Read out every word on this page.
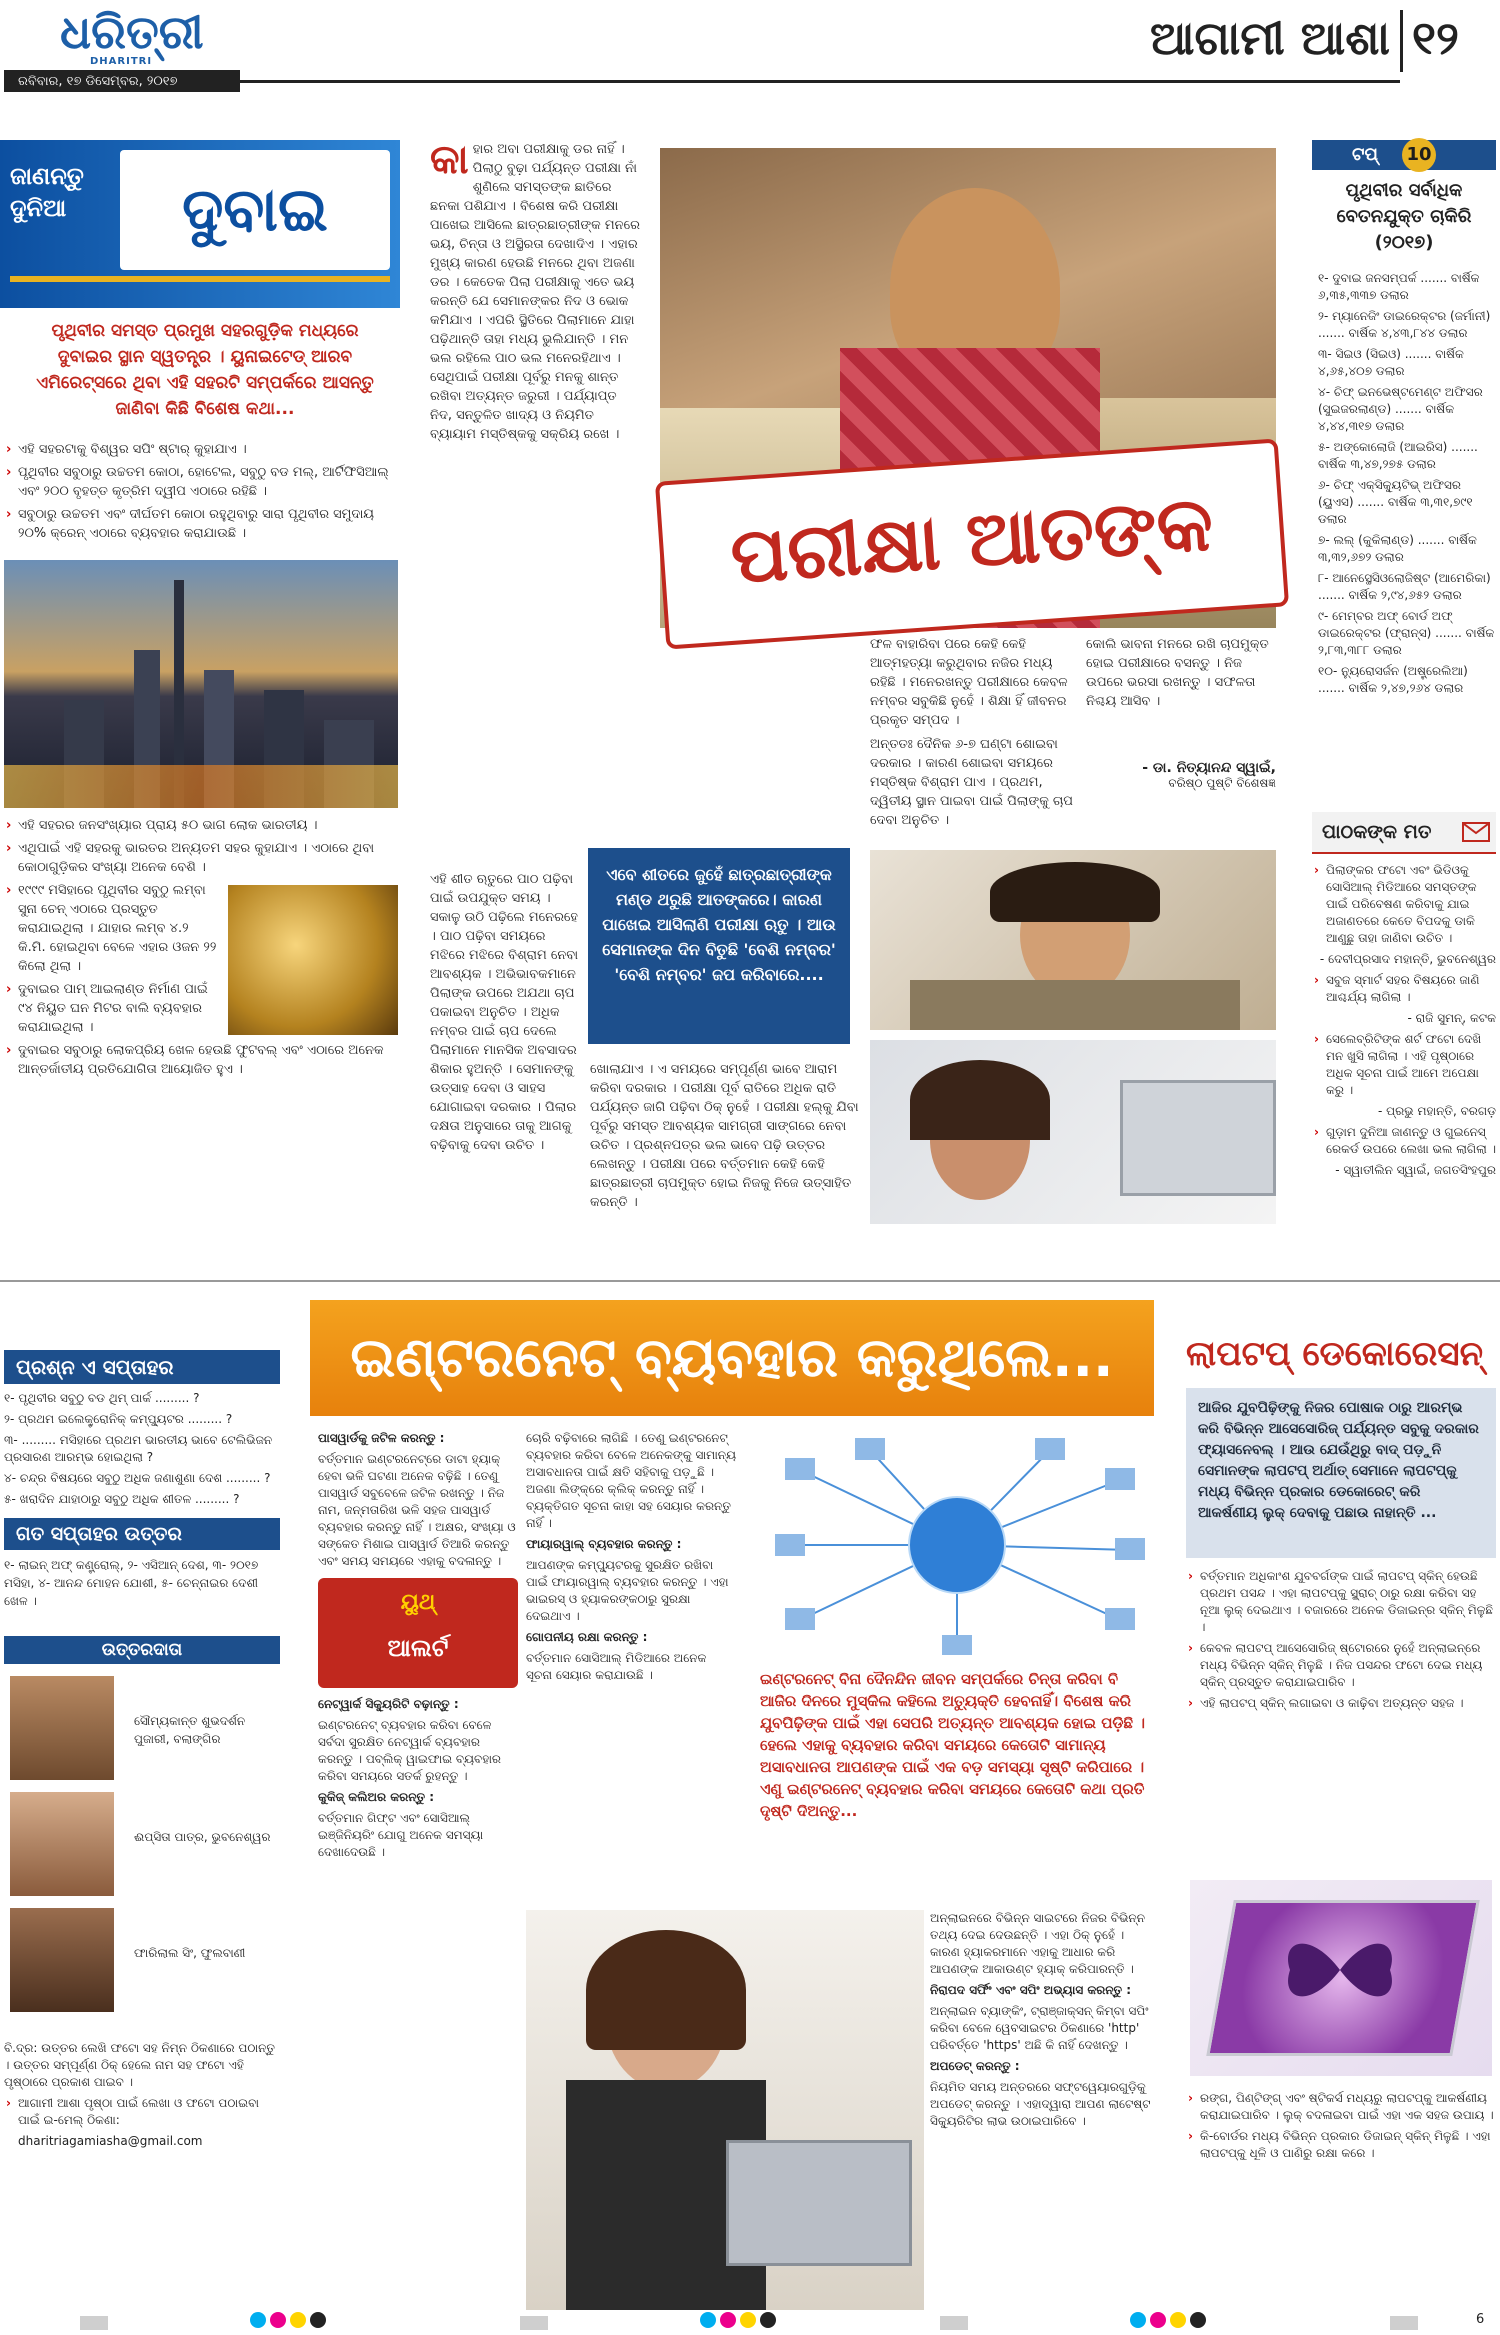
ଧରିତ୍ରୀ
DHARITRI
ରବିବାର, ୧୭ ଡିସେମ୍ବର, ୨୦୧୭
ଆଗାମୀ ଆଶା ୧୨
ଜାଣନ୍ତୁ ଦୁନିଆ	ଦୁବାଇ
ପୃଥିବୀର ସମସ୍ତ ପ୍ରମୁଖ ସହରଗୁଡ଼ିକ ମଧ୍ୟରେ ଦୁବାଇର ସ୍ଥାନ ସ୍ୱତନ୍ତ୍ର । ୟୁନାଇଟେଡ୍ ଆରବ ଏମିରେଟ୍ସରେ ଥିବା ଏହି ସହରଟି ସମ୍ପର୍କରେ ଆସନ୍ତୁ ଜାଣିବା କିଛି ବିଶେଷ କଥା...

› ଏହି ସହରଟାକୁ ବିଶ୍ୱର ସପିଂ ଷ୍ଟାର୍ କୁହାଯାଏ ।

› ପୃଥିବୀର ସବୁଠାରୁ ଉଚ୍ଚତମ କୋଠା, ହୋଟେଲ, ସବୁଠୁ ବଡ ମଲ୍, ଆର୍ଟିଫିସିଆଲ୍ ଏବଂ ୨୦୦ ବୃହତ୍ତ କୃତ୍ରିମ ଦ୍ୱୀପ ଏଠାରେ ରହିଛି ।

› ସବୁଠାରୁ ଉଚ୍ଚତମ ଏବଂ ଦୀର୍ଘତମ କୋଠା ରହୁଥିବାରୁ ସାରା ପୃଥିବୀର ସମୁଦାୟ ୨୦% କ୍ରେନ୍ ଏଠାରେ ବ୍ୟବହାର କରାଯାଉଛି ।

› ଏହି ସହରର ଜନସଂଖ୍ୟାର ପ୍ରାୟ ୫୦ ଭାଗ ଲୋକ ଭାରତୀୟ ।

› ଏଥିପାଇଁ ଏହି ସହରକୁ ଭାରତର ଅନ୍ୟତମ ସହର କୁହାଯାଏ । ଏଠାରେ ଥିବା କୋଠାଗୁଡ଼ିକର ସଂଖ୍ୟା ଅନେକ ବେଶି ।

› ୧୯୯୯ ମସିହାରେ ପୃଥିବୀର ସବୁଠୁ ଲମ୍ବା ସୁନା ଚେନ୍ ଏଠାରେ ପ୍ରସ୍ତୁତ କରାଯାଇଥିଲା । ଯାହାର ଲମ୍ବ ୪.୨ କି.ମି. ହୋଇଥିବା ବେଳେ ଏହାର ଓଜନ ୨୨ କିଲୋ ଥିଲା ।

› ଦୁବାଇର ପାମ୍ ଆଇଲାଣ୍ଡ ନିର୍ମାଣ ପାଇଁ ୯୪ ନିୟୁତ ଘନ ମିଟର ବାଲି ବ୍ୟବହାର କରାଯାଇଥିଲା ।

› ଦୁବାଇର ସବୁଠାରୁ ଲୋକପ୍ରିୟ ଖେଳ ହେଉଛି ଫୁଟବଲ୍ ଏବଂ ଏଠାରେ ଅନେକ ଆନ୍ତର୍ଜାତୀୟ ପ୍ରତିଯୋଗିତା ଆୟୋଜିତ ହୁଏ ।

କା ହାର ଅବା ପରୀକ୍ଷାକୁ ଡର ନାହିଁ । ପିଲାଠୁ ବୁଢ଼ା ପର୍ଯ୍ୟନ୍ତ ପରୀକ୍ଷା ନାଁ ଶୁଣିଲେ ସମସ୍ତଙ୍କ ଛାତିରେ ଛନକା ପଶିଯାଏ । ବିଶେଷ କରି ପରୀକ୍ଷା ପାଖେଇ ଆସିଲେ ଛାତ୍ରଛାତ୍ରୀଙ୍କ ମନରେ ଭୟ, ଚିନ୍ତା ଓ ଅସ୍ଥିରତା ଦେଖାଦିଏ । ଏହାର ମୁଖ୍ୟ କାରଣ ହେଉଛି ମନରେ ଥିବା ଅଜଣା ଡର । କେତେକ ପିଲା ପରୀକ୍ଷାକୁ ଏତେ ଭୟ କରନ୍ତି ଯେ ସେମାନଙ୍କର ନିଦ ଓ ଭୋକ କମିଯାଏ । ଏପରି ସ୍ଥିତିରେ ପିଲାମାନେ ଯାହା ପଢ଼ିଥାନ୍ତି ତାହା ମଧ୍ୟ ଭୁଲିଯାନ୍ତି । ମନ ଭଲ ରହିଲେ ପାଠ ଭଲ ମନେରହିଥାଏ । ସେଥିପାଇଁ ପରୀକ୍ଷା ପୂର୍ବରୁ ମନକୁ ଶାନ୍ତ ରଖିବା ଅତ୍ୟନ୍ତ ଜରୁରୀ । ପର୍ଯ୍ୟାପ୍ତ ନିଦ, ସନ୍ତୁଳିତ ଖାଦ୍ୟ ଓ ନିୟମିତ ବ୍ୟାୟାମ ମସ୍ତିଷ୍କକୁ ସକ୍ରିୟ ରଖେ ।
ପରୀକ୍ଷା ଆତଙ୍କ
ଫଳ ବାହାରିବା ପରେ କେହି କେହି ଆତ୍ମହତ୍ୟା କରୁଥିବାର ନଜିର ମଧ୍ୟ ରହିଛି । ମନେରଖନ୍ତୁ ପରୀକ୍ଷାରେ କେବଳ ନମ୍ବର ସବୁକିଛି ନୁହେଁ । ଶିକ୍ଷା ହିଁ ଜୀବନର ପ୍ରକୃତ ସମ୍ପଦ ।
କୋଲି ଭାବନା ମନରେ ରଖି ଚାପମୁକ୍ତ ହୋଇ ପରୀକ୍ଷାରେ ବସନ୍ତୁ । ନିଜ ଉପରେ ଭରସା ରଖନ୍ତୁ । ସଫଳତା ନିଶ୍ଚୟ ଆସିବ ।
ଅନ୍ତତଃ ଦୈନିକ ୬-୭ ଘଣ୍ଟା ଶୋଇବା ଦରକାର । କାରଣ ଶୋଇବା ସମୟରେ ମସ୍ତିଷ୍କ ବିଶ୍ରାମ ପାଏ । ପ୍ରଥମ, ଦ୍ୱିତୀୟ ସ୍ଥାନ ପାଇବା ପାଇଁ ପିଲାଙ୍କୁ ଚାପ ଦେବା ଅନୁଚିତ ।
- ଡା. ନିତ୍ୟାନନ୍ଦ ସ୍ୱାଇଁ,
ବରିଷ୍ଠ ପୁଷ୍ଟି ବିଶେଷଜ୍ଞ
ଏହି ଶୀତ ଋତୁରେ ପାଠ ପଢ଼ିବା ପାଇଁ ଉପଯୁକ୍ତ ସମୟ । ସକାଳୁ ଉଠି ପଢ଼ିଲେ ମନେରହେ । ପାଠ ପଢ଼ିବା ସମୟରେ ମଝିରେ ମଝିରେ ବିଶ୍ରାମ ନେବା ଆବଶ୍ୟକ । ଅଭିଭାବକମାନେ ପିଲାଙ୍କ ଉପରେ ଅଯଥା ଚାପ ପକାଇବା ଅନୁଚିତ । ଅଧିକ ନମ୍ବର ପାଇଁ ଚାପ ଦେଲେ ପିଲାମାନେ ମାନସିକ ଅବସାଦର ଶିକାର ହୁଅନ୍ତି । ସେମାନଙ୍କୁ ଉତ୍ସାହ ଦେବା ଓ ସାହସ ଯୋଗାଇବା ଦରକାର । ପିଲାର ଦକ୍ଷତା ଅନୁସାରେ ତାକୁ ଆଗକୁ ବଢ଼ିବାକୁ ଦେବା ଉଚିତ ।
ଏବେ ଶୀତରେ ଜୁହେଁ ଛାତ୍ରଛାତ୍ରୀଙ୍କ ମଣ୍ଡ ଥରୁଛି ଆତଙ୍କରେ। କାରଣ ପାଖେଇ ଆସିଲାଣି ପରୀକ୍ଷା ଋତୁ । ଆଉ ସେମାନଙ୍କ ଦିନ ବିତୁଛି 'ବେଶି ନମ୍ବର' 'ବେଶି ନମ୍ବର' ଜପ କରିବାରେ....
ଖୋଲାଯାଏ । ଏ ସମୟରେ ସମ୍ପୂର୍ଣ୍ଣ ଭାବେ ଆରାମ କରିବା ଦରକାର । ପରୀକ୍ଷା ପୂର୍ବ ରାତିରେ ଅଧିକ ରାତି ପର୍ଯ୍ୟନ୍ତ ଜାଗି ପଢ଼ିବା ଠିକ୍ ନୁହେଁ । ପରୀକ୍ଷା ହଲ୍‌କୁ ଯିବା ପୂର୍ବରୁ ସମସ୍ତ ଆବଶ୍ୟକ ସାମଗ୍ରୀ ସାଙ୍ଗରେ ନେବା ଉଚିତ । ପ୍ରଶ୍ନପତ୍ର ଭଲ ଭାବେ ପଢ଼ି ଉତ୍ତର ଲେଖନ୍ତୁ । ପରୀକ୍ଷା ପରେ ବର୍ତ୍ତମାନ କେହି କେହି ଛାତ୍ରଛାତ୍ରୀ ଚାପମୁକ୍ତ ହୋଇ ନିଜକୁ ନିଜେ ଉତ୍ସାହିତ କରନ୍ତି ।
ଟପ୍ 10
ପୃଥିବୀର ସର୍ବାଧିକ ବେତନଯୁକ୍ତ ଚାକିରି (୨୦୧୭)

୧- ଦୁବାଇ ଜନସମ୍ପର୍କ ....... ବାର୍ଷିକ ୬,୩୫,୩୩୭ ଡଲାର

୨- ମ୍ୟାନେଜିଂ ଡାଇରେକ୍ଟର (ଜର୍ମାନୀ) ....... ବାର୍ଷିକ ୪,୪୩,୮୪୪ ଡଲାର

୩- ସିଇଓ (ସିଇଓ) ....... ବାର୍ଷିକ ୪,୬୫,୪୦୭ ଡଲାର

୪- ଚିଫ୍ ଇନଭେଷ୍ଟମେଣ୍ଟ ଅଫିସର (ସୁଇଜରଲାଣ୍ଡ) ....... ବାର୍ଷିକ ୪,୪୪,୩୧୭ ଡଲାର

୫- ଅଙ୍କୋଲୋଜି (ଆଇରିସ) ....... ବାର୍ଷିକ ୩,୪୭,୨୭୫ ଡଲାର

୬- ଚିଫ୍ ଏକ୍ସିକ୍ୟୁଟିଭ୍ ଅଫିସର (ୟୁଏସ) ....... ବାର୍ଷିକ ୩,୩୧,୭୯୧ ଡଲାର

୭- ଲଲ୍ (କୁକିଲାଣ୍ଡ) ....... ବାର୍ଷିକ ୩,୩୨,୬୭୨ ଡଲାର

୮- ଆନେସ୍ଥେସିଓଲୋଜିଷ୍ଟ (ଆମେରିକା) ....... ବାର୍ଷିକ ୨,୯୪,୬୫୨ ଡଲାର

୯- ମେମ୍ବର ଅଫ୍ ବୋର୍ଡ ଅଫ୍ ଡାଇରେକ୍ଟର (ଫ୍ରାନ୍ସ) ....... ବାର୍ଷିକ ୨,୮୩,୩୮୮ ଡଲାର

୧୦- ନ୍ୟୁରୋସର୍ଜନ (ଅଷ୍ଟ୍ରେଲିଆ) ....... ବାର୍ଷିକ ୨,୪୭,୨୬୪ ଡଲାର

ପାଠକଙ୍କ ମତ

› ପିଲାଙ୍କର ଫଟୋ ଏବଂ ଭିଡିଓକୁ ସୋସିଆଲ୍ ମିଡିଆରେ ସମସ୍ତଙ୍କ ପାଇଁ ପରିବେଷଣ କରିବାକୁ ଯାଇ ଅଜାଣତରେ କେତେ ବିପଦକୁ ଡାକି ଆଣୁଛୁ ତାହା ଜାଣିବା ଉଚିତ ।

- ଦେବୀପ୍ରସାଦ ମହାନ୍ତି, ଭୁବନେଶ୍ୱର

› ସବୁଜ ସ୍ମାର୍ଟ ସହର ବିଷୟରେ ଜାଣି ଆଶ୍ଚର୍ଯ୍ୟ ଲାଗିଲା ।

- ରାଜି ସୁମନ୍, କଟକ

› ସେଲେବ୍ରିଟିଙ୍କ ଶର୍ଟ ଫଟୋ ଦେଖି ମନ ଖୁସି ଲାଗିଲା । ଏହି ପୃଷ୍ଠାରେ ଅଧିକ ସୂଚନା ପାଇଁ ଆମେ ଅପେକ୍ଷା କରୁ ।

- ପ୍ରଭୁ ମହାନ୍ତି, ବରଗଡ଼

› ଗୁଡ଼ାମ ଦୁନିଆ ଜାଣନ୍ତୁ ଓ ଗୁଇନେସ୍ ରେକର୍ଡ ଉପରେ ଲେଖା ଭଲ ଲାଗିଲା ।

- ସ୍ୱାତୀଲିନ ସ୍ୱାଇଁ, ଜଗତସିଂହପୁର

ପ୍ରଶ୍ନ ଏ ସପ୍ତାହର

୧- ପୃଥିବୀର ସବୁଠୁ ବଡ ଥିମ୍ ପାର୍କ ......... ?

୨- ପ୍ରଥମ ଇଲେକ୍ଟ୍ରୋନିକ୍ କମ୍ପ୍ୟୁଟର ......... ?

୩- ......... ମସିହାରେ ପ୍ରଥମ ଭାରତୀୟ ଭାବେ ଟେଲିଭିଜନ ପ୍ରସାରଣ ଆରମ୍ଭ ହୋଇଥିଲା ?

୪- ଚନ୍ଦ୍ର ବିଷୟରେ ସବୁଠୁ ଅଧିକ ଜଣାଶୁଣା ଦେଶ ......... ?

୫- ଖରାଦିନ ଯାହାଠାରୁ ସବୁଠୁ ଅଧିକ ଶୀତଳ ......... ?

ଗତ ସପ୍ତାହର ଉତ୍ତର
୧- ଲାଇନ୍ ଅଫ୍ କଣ୍ଟ୍ରୋଲ୍, ୨- ଏସିଆନ୍ ଦେଶ, ୩- ୨୦୧୭ ମସିହା, ୪- ଆନନ୍ଦ ମୋହନ ଯୋଶୀ, ୫- ଚେନ୍ନାଇର ଦେଶୀ ଖେଳ ।
ଉତ୍ତରଦାତା
ସୌମ୍ୟକାନ୍ତ ଶୁଭଦର୍ଶନ ପୁଜାରୀ, ବଲାଙ୍ଗିର
ଈପ୍ସିତା ପାତ୍ର, ଭୁବନେଶ୍ୱର
ଫାରିଲାଲ ସିଂ, ଫୁଲବାଣୀ

ବି.ଦ୍ର: ଉତ୍ତର ଲେଖି ଫଟୋ ସହ ନିମ୍ନ ଠିକଣାରେ ପଠାନ୍ତୁ । ଉତ୍ତର ସମ୍ପୂର୍ଣ୍ଣ ଠିକ୍ ହେଲେ ନାମ ସହ ଫଟୋ ଏହି ପୃଷ୍ଠାରେ ପ୍ରକାଶ ପାଇବ ।

› ଆଗାମୀ ଆଶା ପୃଷ୍ଠା ପାଇଁ ଲେଖା ଓ ଫଟୋ ପଠାଇବା ପାଇଁ ଇ-ମେଲ୍ ଠିକଣା:

dharitriagamiasha@gmail.com

ଇଣ୍ଟରନେଟ୍ ବ୍ୟବହାର କରୁଥିଲେ...

ପାସୱାର୍ଡକୁ ଜଟିଳ କରନ୍ତୁ :

ବର୍ତ୍ତମାନ ଇଣ୍ଟରନେଟ୍‌ରେ ଡାଟା ହ୍ୟାକ୍ ହେବା ଭଳି ଘଟଣା ଅନେକ ବଢ଼ିଛି । ତେଣୁ ପାସୱାର୍ଡ ସବୁବେଳେ ଜଟିଳ ରଖନ୍ତୁ । ନିଜ ନାମ, ଜନ୍ମତାରିଖ ଭଳି ସହଜ ପାସୱାର୍ଡ ବ୍ୟବହାର କରନ୍ତୁ ନାହିଁ । ଅକ୍ଷର, ସଂଖ୍ୟା ଓ ସଙ୍କେତ ମିଶାଇ ପାସୱାର୍ଡ ତିଆରି କରନ୍ତୁ ଏବଂ ସମୟ ସମୟରେ ଏହାକୁ ବଦଳାନ୍ତୁ ।

ୟୁଥ୍
ଆଲର୍ଟ

ନେଟ୍‌ୱାର୍କ ସିକ୍ୟୁରିଟି ବଢ଼ାନ୍ତୁ :

ଇଣ୍ଟରନେଟ୍ ବ୍ୟବହାର କରିବା ବେଳେ ସର୍ବଦା ସୁରକ୍ଷିତ ନେଟ୍‌ୱାର୍କ ବ୍ୟବହାର କରନ୍ତୁ । ପବ୍ଲିକ୍ ୱାଇଫାଇ ବ୍ୟବହାର କରିବା ସମୟରେ ସତର୍କ ରୁହନ୍ତୁ ।

କୁକିଜ୍ କଲିଅର କରନ୍ତୁ :

ବର୍ତ୍ତମାନ ଗିଫ୍ଟ ଏବଂ ସୋସିଆଲ୍ ଇଞ୍ଜିନିୟରିଂ ଯୋଗୁ ଅନେକ ସମସ୍ୟା ଦେଖାଦେଉଛି ।

ଚୋରି ବଢ଼ିବାରେ ଲାଗିଛି । ତେଣୁ ଇଣ୍ଟରନେଟ୍ ବ୍ୟବହାର କରିବା ବେଳେ ଅନେକଙ୍କୁ ସାମାନ୍ୟ ଅସାବଧାନତା ପାଇଁ କ୍ଷତି ସହିବାକୁ ପଡ଼ୁଛି । ଅଜଣା ଲିଙ୍କ୍‌ରେ କ୍ଲିକ୍ କରନ୍ତୁ ନାହିଁ । ବ୍ୟକ୍ତିଗତ ସୂଚନା କାହା ସହ ସେୟାର କରନ୍ତୁ ନାହିଁ ।

ଫାୟାରୱାଲ୍ ବ୍ୟବହାର କରନ୍ତୁ :

ଆପଣଙ୍କ କମ୍ପ୍ୟୁଟରକୁ ସୁରକ୍ଷିତ ରଖିବା ପାଇଁ ଫାୟାରୱାଲ୍ ବ୍ୟବହାର କରନ୍ତୁ । ଏହା ଭାଇରସ୍ ଓ ହ୍ୟାକରଙ୍କଠାରୁ ସୁରକ୍ଷା ଦେଇଥାଏ ।

ଗୋପନୀୟ ରକ୍ଷା କରନ୍ତୁ :

ବର୍ତ୍ତମାନ ସୋସିଆଲ୍ ମିଡିଆରେ ଅନେକ ସୂଚନା ସେୟାର କରାଯାଉଛି ।	ଇଣ୍ଟରନେଟ୍ ବିନା ଦୈନନ୍ଦିନ ଜୀବନ ସମ୍ପର୍କରେ ଚିନ୍ତା କରିବା ବି ଆଜିର ଦିନରେ ମୁସ୍କିଲ କହିଲେ ଅତ୍ୟୁକ୍ତି ହେବନାହିଁ। ବିଶେଷ କରି ଯୁବପିଢ଼ିଙ୍କ ପାଇଁ ଏହା ସେପରି ଅତ୍ୟନ୍ତ ଆବଶ୍ୟକ ହୋଇ ପଡ଼ିଛି । ହେଲେ ଏହାକୁ ବ୍ୟବହାର କରିବା ସମୟରେ କେତୋଟି ସାମାନ୍ୟ ଅସାବଧାନତା ଆପଣଙ୍କ ପାଇଁ ଏକ ବଡ଼ ସମସ୍ୟା ସୃଷ୍ଟି କରିପାରେ । ଏଣୁ ଇଣ୍ଟରନେଟ୍ ବ୍ୟବହାର କରିବା ସମୟରେ କେତୋଟି କଥା ପ୍ରତି ଦୃଷ୍ଟି ଦିଅନ୍ତୁ...

ଅନ୍‌ଲାଇନରେ ବିଭିନ୍ନ ସାଇଟରେ ନିଜର ବିଭିନ୍ନ ତଥ୍ୟ ଦେଇ ଦେଉଛନ୍ତି । ଏହା ଠିକ୍ ନୁହେଁ । କାରଣ ହ୍ୟାକରମାନେ ଏହାକୁ ଆଧାର କରି ଆପଣଙ୍କ ଆକାଉଣ୍ଟ ହ୍ୟାକ୍ କରିପାରନ୍ତି ।

ନିରାପଦ ସର୍ଫିଂ ଏବଂ ସପିଂ ଅଭ୍ୟାସ କରନ୍ତୁ :

ଅନ୍‌ଲାଇନ ବ୍ୟାଙ୍କିଂ, ଟ୍ରାଞ୍ଜାକ୍ସନ୍ କିମ୍ବା ସପିଂ କରିବା ବେଳେ ୱେବସାଇଟର ଠିକଣାରେ 'http' ପରିବର୍ତ୍ତେ 'https' ଅଛି କି ନାହିଁ ଦେଖନ୍ତୁ ।

ଅପଡେଟ୍ କରନ୍ତୁ :

ନିୟମିତ ସମୟ ଅନ୍ତରରେ ସଫ୍ଟୱେୟାରଗୁଡ଼ିକୁ ଅପଡେଟ୍ କରନ୍ତୁ । ଏହାଦ୍ୱାରା ଆପଣ ଲାଟେଷ୍ଟ ସିକ୍ୟୁରିଟିର ଲାଭ ଉଠାଇପାରିବେ ।

ଲାପଟପ୍ ଡେକୋରେସନ୍
ଆଜିର ଯୁବପିଢ଼ିଙ୍କୁ ନିଜର ପୋଷାକ ଠାରୁ ଆରମ୍ଭ କରି ବିଭିନ୍ନ ଆସେସୋରିଜ୍ ପର୍ଯ୍ୟନ୍ତ ସବୁକୁ ଦରକାର ଫ୍ୟାସନେବଲ୍ । ଆଉ ଯେଉଁଥିରୁ ବାଦ୍ ପଡ଼ୁନି ସେମାନଙ୍କ ଲାପଟପ୍ ଅର୍ଥାତ୍ ସେମାନେ ଲାପଟପ୍‌କୁ ମଧ୍ୟ ବିଭିନ୍ନ ପ୍ରକାର ଡେକୋରେଟ୍ କରି ଆକର୍ଷଣୀୟ ଲୁକ୍ ଦେବାକୁ ପଛାଉ ନାହାନ୍ତି ...

› ବର୍ତ୍ତମାନ ଅଧିକାଂଶ ଯୁବବର୍ଗଙ୍କ ପାଇଁ ଲାପଟପ୍ ସ୍କିନ୍ ହେଉଛି ପ୍ରଥମ ପସନ୍ଦ । ଏହା ଲାପଟପ୍‌କୁ ସ୍କ୍ରାଚ୍ ଠାରୁ ରକ୍ଷା କରିବା ସହ ନୂଆ ଲୁକ୍ ଦେଇଥାଏ । ବଜାରରେ ଅନେକ ଡିଜାଇନ୍‌ର ସ୍କିନ୍ ମିଳୁଛି ।

› କେବଳ ଲାପଟପ୍ ଆସେସୋରିଜ୍ ଷ୍ଟୋରରେ ନୁହେଁ ଅନ୍‌ଲାଇନ୍‌ରେ ମଧ୍ୟ ବିଭିନ୍ନ ସ୍କିନ୍ ମିଳୁଛି । ନିଜ ପସନ୍ଦର ଫଟୋ ଦେଇ ମଧ୍ୟ ସ୍କିନ୍ ପ୍ରସ୍ତୁତ କରାଯାଇପାରିବ ।

› ଏହି ଲାପଟପ୍ ସ୍କିନ୍ ଲଗାଇବା ଓ କାଢ଼ିବା ଅତ୍ୟନ୍ତ ସହଜ ।

› ରଙ୍ଗ, ପିଣ୍ଟିଙ୍ଗ୍ ଏବଂ ଷ୍ଟିକର୍ସ ମଧ୍ୟରୁ ଲାପଟପ୍‌କୁ ଆକର୍ଷଣୀୟ କରାଯାଇପାରିବ । ଲୁକ୍ ବଦଳାଇବା ପାଇଁ ଏହା ଏକ ସହଜ ଉପାୟ ।

› କି-ବୋର୍ଡର ମଧ୍ୟ ବିଭିନ୍ନ ପ୍ରକାର ଡିଜାଇନ୍ ସ୍କିନ୍ ମିଳୁଛି । ଏହା ଲାପଟପ୍‌କୁ ଧୂଳି ଓ ପାଣିରୁ ରକ୍ଷା କରେ ।

6
